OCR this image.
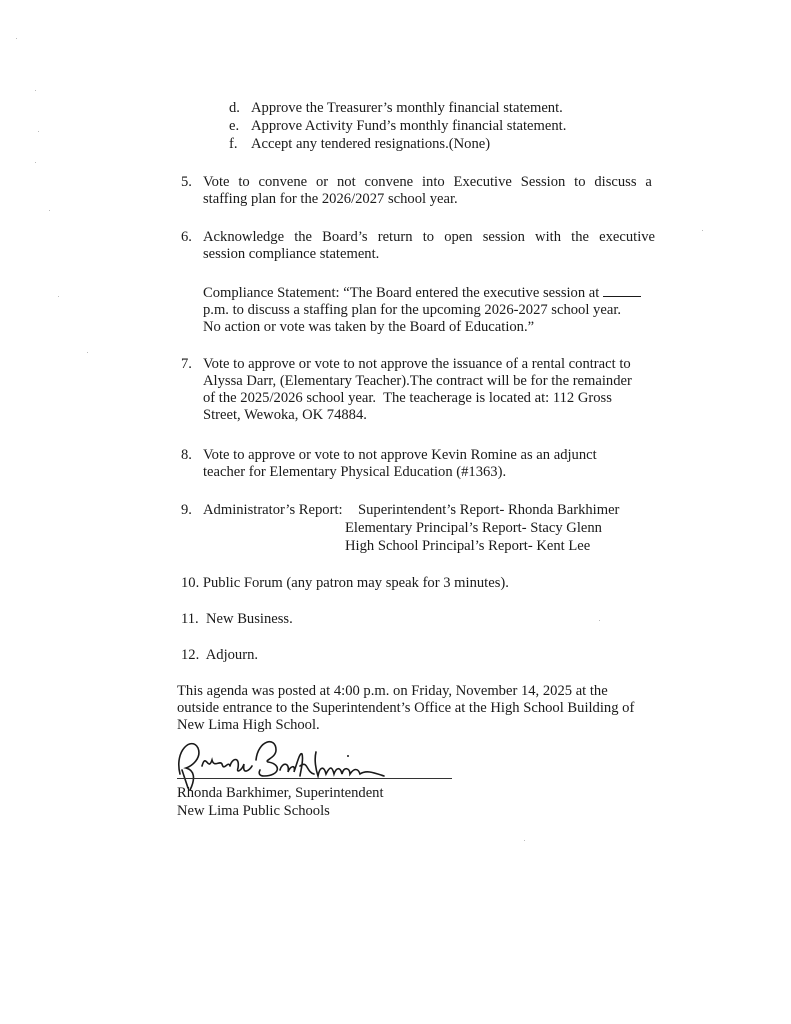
d. Approve the Treasurer’s monthly financial statement.
e. Approve Activity Fund’s monthly financial statement.
f. Accept any tendered resignations.(None)
5. Vote to convene or not convene into Executive Session to discuss a
staffing plan for the 2026/2027 school year.
6. Acknowledge the Board’s return to open session with the executive
session compliance statement.
Compliance Statement: “The Board entered the executive session at
p.m. to discuss a staffing plan for the upcoming 2026-2027 school year.
No action or vote was taken by the Board of Education.”
7. Vote to approve or vote to not approve the issuance of a rental contract to
Alyssa Darr, (Elementary Teacher).The contract will be for the remainder
of the 2025/2026 school year.  The teacherage is located at: 112 Gross
Street, Wewoka, OK 74884.
8. Vote to approve or vote to not approve Kevin Romine as an adjunct
teacher for Elementary Physical Education (#1363).
9. Administrator’s Report: Superintendent’s Report- Rhonda Barkhimer
Elementary Principal’s Report- Stacy Glenn
High School Principal’s Report- Kent Lee
10. Public Forum (any patron may speak for 3 minutes).
11.  New Business.
12.  Adjourn.
This agenda was posted at 4:00 p.m. on Friday, November 14, 2025 at the
outside entrance to the Superintendent’s Office at the High School Building of
New Lima High School.
Rhonda Barkhimer, Superintendent
New Lima Public Schools
